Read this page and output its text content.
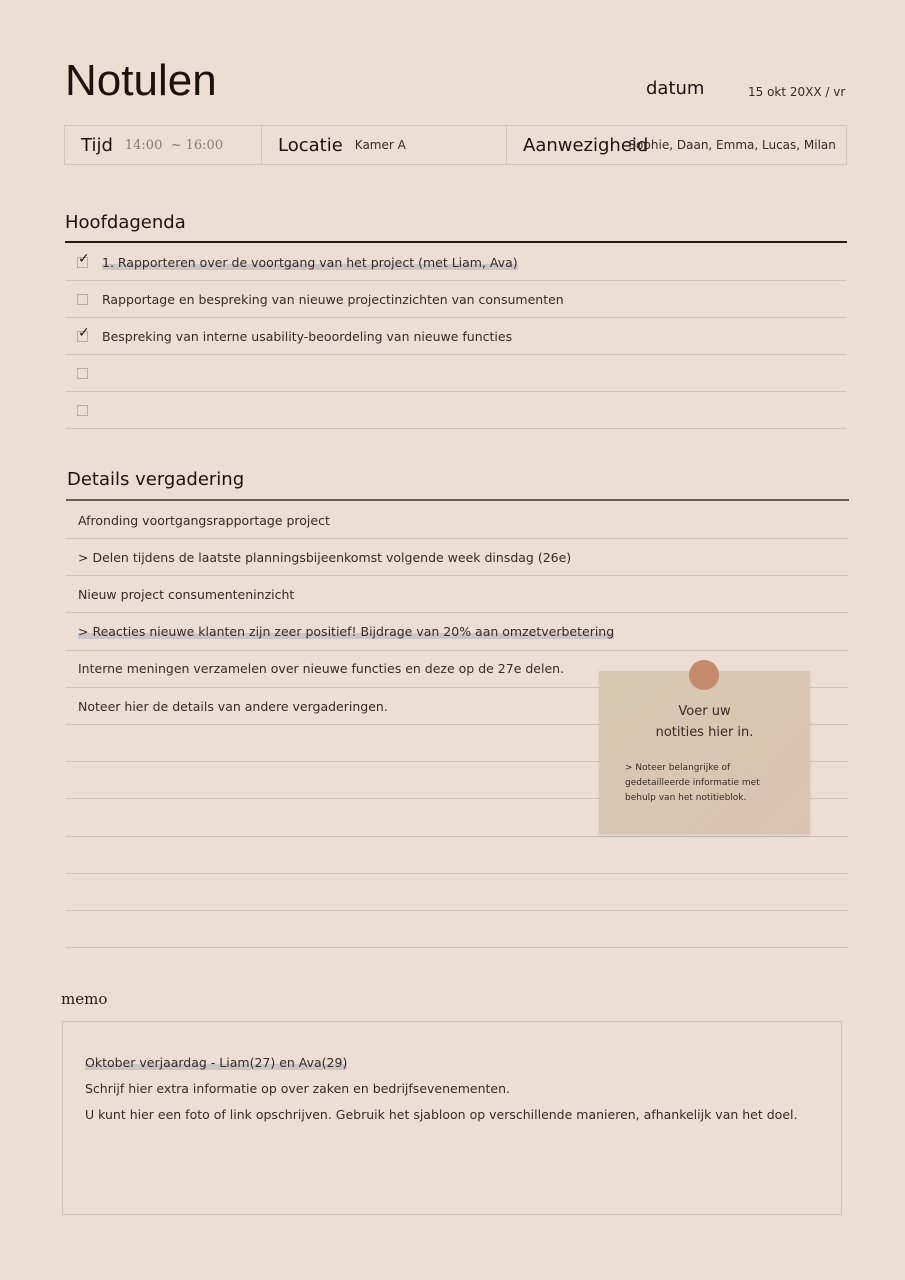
Notulen	datum	15 okt 20XX / vr
Tijd 14:00  ~ 16:00	Locatie Kamer A	Aanwezigheid
Sophie, Daan, Emma, Lucas, Milan
Hoofdagenda
✓
1. Rapporteren over de voortgang van het project (met Liam, Ava)
Rapportage en bespreking van nieuwe projectinzichten van consumenten
✓
Bespreking van interne usability-beoordeling van nieuwe functies
Details vergadering
Afronding voortgangsrapportage project
> Delen tijdens de laatste planningsbijeenkomst volgende week dinsdag (26e)
Nieuw project consumenteninzicht
> Reacties nieuwe klanten zijn zeer positief! Bijdrage van 20% aan omzetverbetering
Interne meningen verzamelen over nieuwe functies en deze op de 27e delen.
Noteer hier de details van andere vergaderingen.	Voer uw
notities hier in.
> Noteer belangrijke of gedetailleerde informatie met behulp van het notitieblok.
memo
Oktober verjaardag - Liam(27) en Ava(29)
Schrijf hier extra informatie op over zaken en bedrijfsevenementen.
U kunt hier een foto of link opschrijven. Gebruik het sjabloon op verschillende manieren, afhankelijk van het doel.
